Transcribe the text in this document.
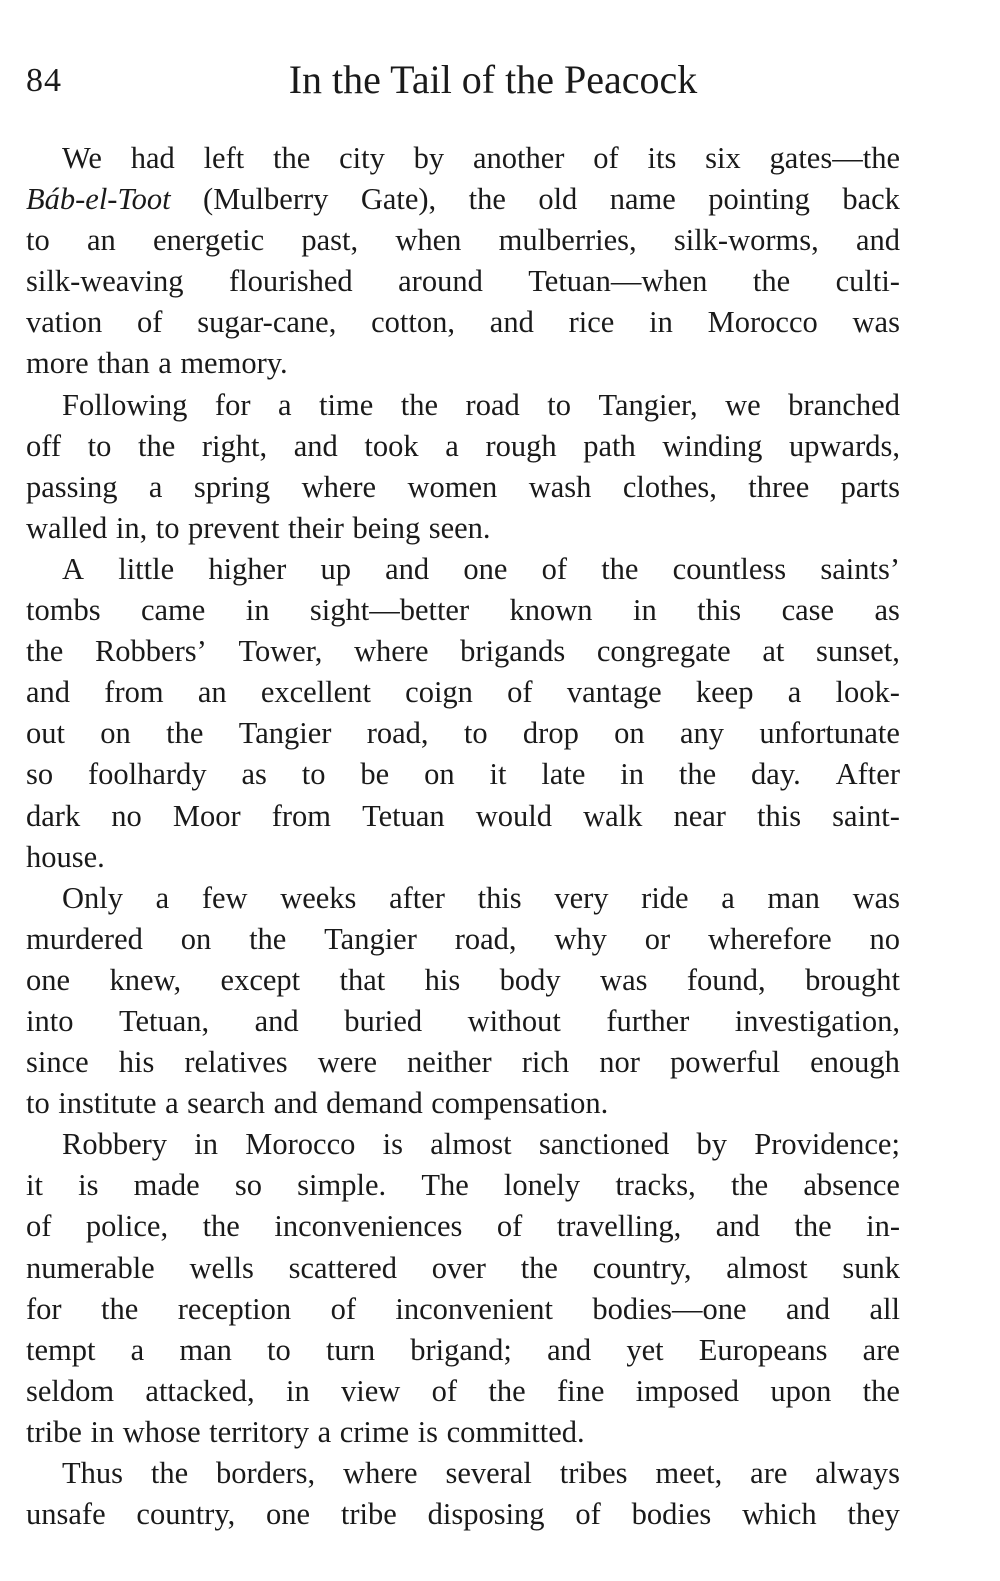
84	In the Tail of the Peacock
We had left the city by another of its six gates—the
Báb-el-Toot (Mulberry Gate), the old name pointing back
to an energetic past, when mulberries, silk-worms, and
silk-weaving flourished around Tetuan—when the culti-
vation of sugar-cane, cotton, and rice in Morocco was
more than a memory.
Following for a time the road to Tangier, we branched
off to the right, and took a rough path winding upwards,
passing a spring where women wash clothes, three parts
walled in, to prevent their being seen.
A little higher up and one of the countless saints’
tombs came in sight—better known in this case as
the Robbers’ Tower, where brigands congregate at sunset,
and from an excellent coign of vantage keep a look-
out on the Tangier road, to drop on any unfortunate
so foolhardy as to be on it late in the day. After
dark no Moor from Tetuan would walk near this saint-
house.
Only a few weeks after this very ride a man was
murdered on the Tangier road, why or wherefore no
one knew, except that his body was found, brought
into Tetuan, and buried without further investigation,
since his relatives were neither rich nor powerful enough
to institute a search and demand compensation.
Robbery in Morocco is almost sanctioned by Providence;
it is made so simple. The lonely tracks, the absence
of police, the inconveniences of travelling, and the in-
numerable wells scattered over the country, almost sunk
for the reception of inconvenient bodies—one and all
tempt a man to turn brigand; and yet Europeans are
seldom attacked, in view of the fine imposed upon the
tribe in whose territory a crime is committed.
Thus the borders, where several tribes meet, are always
unsafe country, one tribe disposing of bodies which they
